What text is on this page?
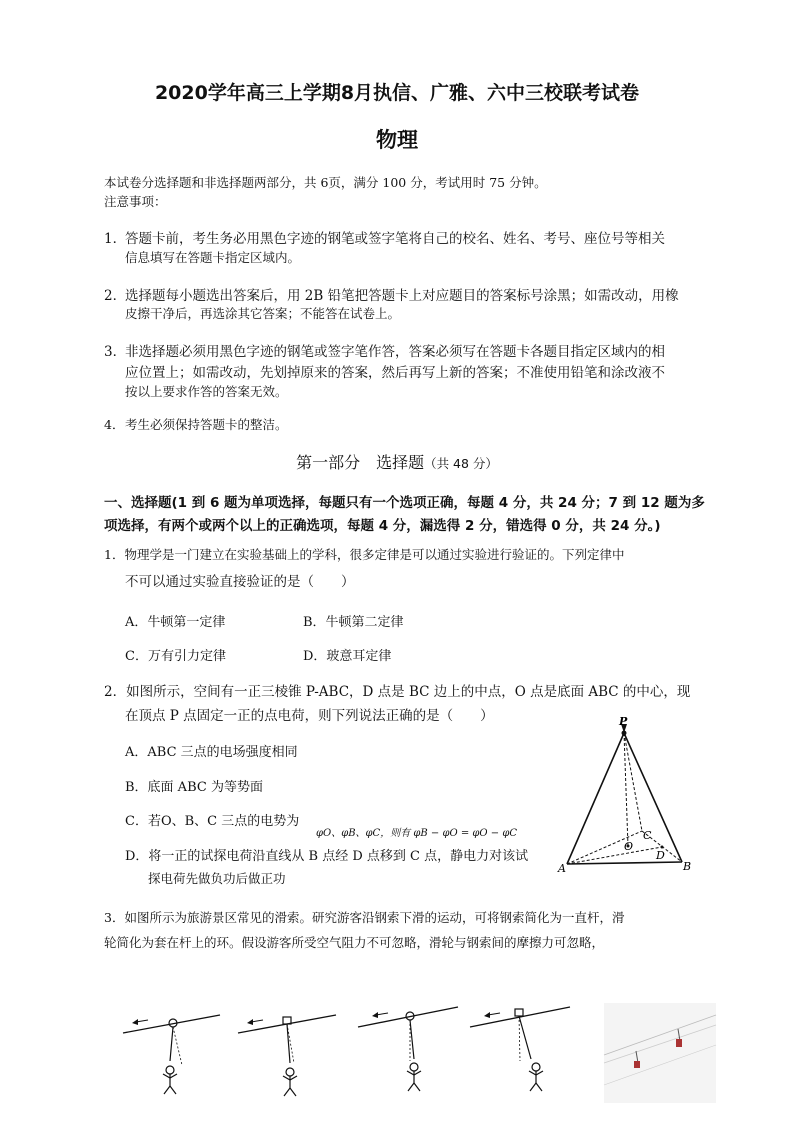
2020学年高三上学期8月执信、广雅、六中三校联考试卷
物理
本试卷分选择题和非选择题两部分，共 6页，满分 100 分，考试用时 75 分钟。
注意事项：
1．
答题卡前，考生务必用黑色字迹的钢笔或签字笔将自己的校名、姓名、考号、座位号等相关
信息填写在答题卡指定区域内。
2．
选择题每小题选出答案后，用 2B 铅笔把答题卡上对应题目的答案标号涂黑；如需改动，用橡
皮擦干净后，再选涂其它答案；不能答在试卷上。
3．
非选择题必须用黑色字迹的钢笔或签字笔作答，答案必须写在答题卡各题目指定区域内的相
应位置上；如需改动，先划掉原来的答案，然后再写上新的答案；不准使用铅笔和涂改液不
按以上要求作答的答案无效。
4． 考生必须保持答题卡的整洁。
第一部分　选择题（共 48 分）
一、选择题(1 到 6 题为单项选择，每题只有一个选项正确，每题 4 分，共 24 分；7 到 12 题为多
项选择，有两个或两个以上的正确选项，每题 4 分，漏选得 2 分，错选得 0 分，共 24 分。)
1．物理学是一门建立在实验基础上的学科，很多定律是可以通过实验进行验证的。下列定律中
不可以通过实验直接验证的是（　　）
A．牛顿第一定律	B．牛顿第二定律
C．万有引力定律	D．玻意耳定律
2．如图所示，空间有一正三棱锥 P-ABC，D 点是 BC 边上的中点，O 点是底面 ABC 的中心，现
在顶点 P 点固定一正的点电荷，则下列说法正确的是（　　）
A．ABC 三点的电场强度相同
B．底面 ABC 为等势面
C．若O、B、C 三点的电势为
φO、φB、φC，则有 φB − φO = φO − φC
D．将一正的试探电荷沿直线从 B 点经 D 点移到 C 点，静电力对该试
探电荷先做负功后做正功
P
A	B
C
D
O
3．如图所示为旅游景区常见的滑索。研究游客沿钢索下滑的运动，可将钢索简化为一直杆，滑
轮简化为套在杆上的环。假设游客所受空气阻力不可忽略，滑轮与钢索间的摩擦力可忽略，
